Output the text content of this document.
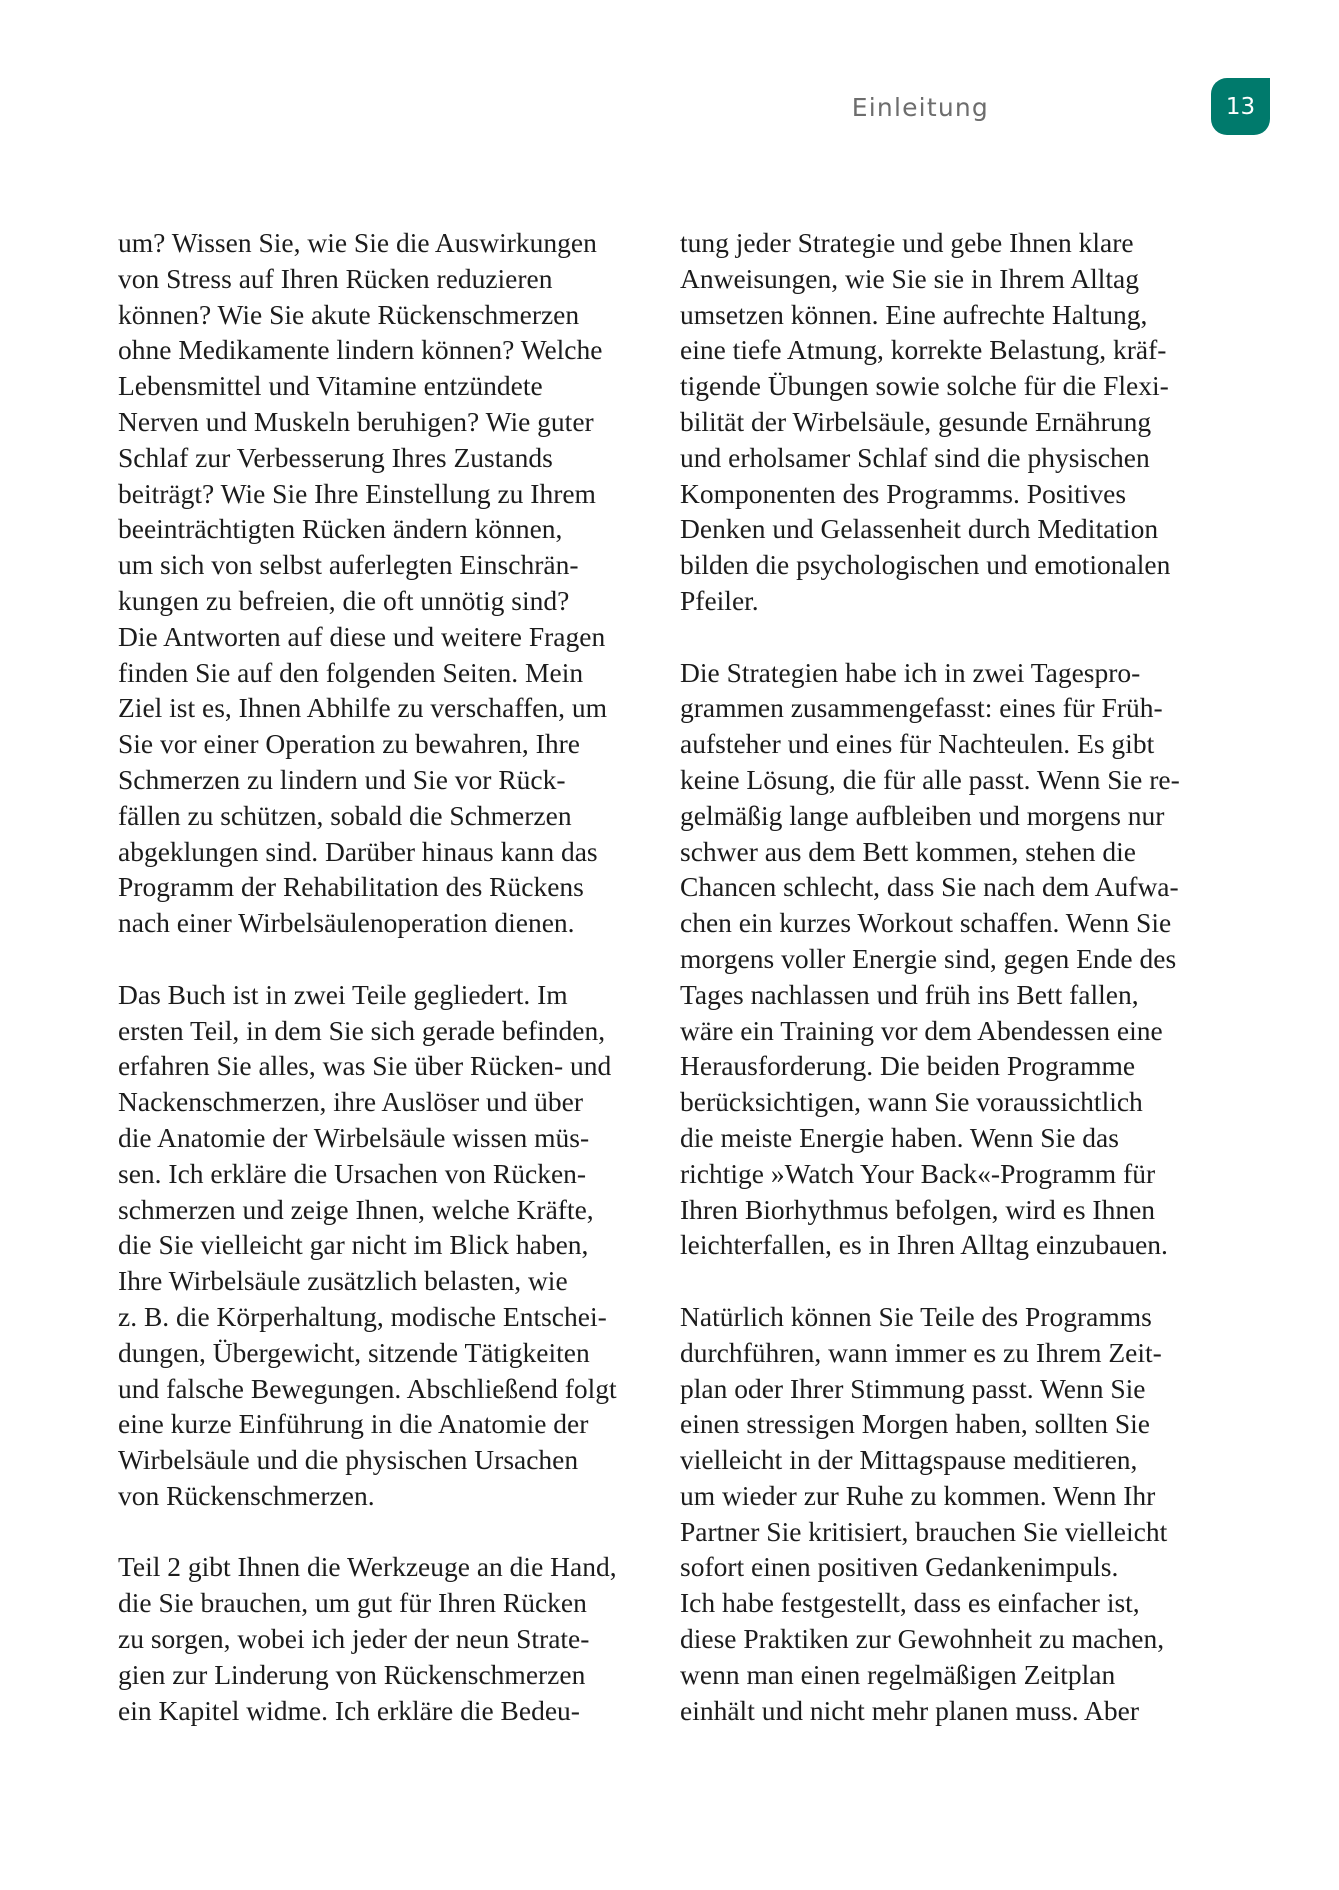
Einleitung	13
um? Wissen Sie, wie Sie die Auswirkungen
von Stress auf Ihren Rücken reduzieren
können? Wie Sie akute Rückenschmerzen
ohne Medikamente lindern können? Welche
Lebensmittel und Vitamine entzündete
Nerven und Muskeln beruhigen? Wie guter
Schlaf zur Verbesserung Ihres Zustands
beiträgt? Wie Sie Ihre Einstellung zu Ihrem
beeinträchtigten Rücken ändern können,
um sich von selbst auferlegten Einschrän-
kungen zu befreien, die oft unnötig sind?
Die Antworten auf diese und weitere Fragen
finden Sie auf den folgenden Seiten. Mein
Ziel ist es, Ihnen Abhilfe zu verschaffen, um
Sie vor einer Operation zu bewahren, Ihre
Schmerzen zu lindern und Sie vor Rück-
fällen zu schützen, sobald die Schmerzen
abgeklungen sind. Darüber hinaus kann das
Programm der Rehabilitation des Rückens
nach einer Wirbelsäulenoperation dienen.
Das Buch ist in zwei Teile gegliedert. Im
ersten Teil, in dem Sie sich gerade befinden,
erfahren Sie alles, was Sie über Rücken- und
Nackenschmerzen, ihre Auslöser und über
die Anatomie der Wirbelsäule wissen müs-
sen. Ich erkläre die Ursachen von Rücken-
schmerzen und zeige Ihnen, welche Kräfte,
die Sie vielleicht gar nicht im Blick haben,
Ihre Wirbelsäule zusätzlich belasten, wie
z. B. die Körperhaltung, modische Entschei-
dungen, Übergewicht, sitzende Tätigkeiten
und falsche Bewegungen. Abschließend folgt
eine kurze Einführung in die Anatomie der
Wirbelsäule und die physischen Ursachen
von Rückenschmerzen.
Teil 2 gibt Ihnen die Werkzeuge an die Hand,
die Sie brauchen, um gut für Ihren Rücken
zu sorgen, wobei ich jeder der neun Strate-
gien zur Linderung von Rückenschmerzen
ein Kapitel widme. Ich erkläre die Bedeu-
tung jeder Strategie und gebe Ihnen klare
Anweisungen, wie Sie sie in Ihrem Alltag
umsetzen können. Eine aufrechte Haltung,
eine tiefe Atmung, korrekte Belastung, kräf-
tigende Übungen sowie solche für die Flexi-
bilität der Wirbelsäule, gesunde Ernährung
und erholsamer Schlaf sind die physischen
Komponenten des Programms. Positives
Denken und Gelassenheit durch Meditation
bilden die psychologischen und emotionalen
Pfeiler.
Die Strategien habe ich in zwei Tagespro-
grammen zusammengefasst: eines für Früh-
aufsteher und eines für Nachteulen. Es gibt
keine Lösung, die für alle passt. Wenn Sie re-
gelmäßig lange aufbleiben und morgens nur
schwer aus dem Bett kommen, stehen die
Chancen schlecht, dass Sie nach dem Aufwa-
chen ein kurzes Workout schaffen. Wenn Sie
morgens voller Energie sind, gegen Ende des
Tages nachlassen und früh ins Bett fallen,
wäre ein Training vor dem Abendessen eine
Herausforderung. Die beiden Programme
berücksichtigen, wann Sie voraussichtlich
die meiste Energie haben. Wenn Sie das
richtige »Watch Your Back«-Programm für
Ihren Biorhythmus befolgen, wird es Ihnen
leichterfallen, es in Ihren Alltag einzubauen.
Natürlich können Sie Teile des Programms
durchführen, wann immer es zu Ihrem Zeit-
plan oder Ihrer Stimmung passt. Wenn Sie
einen stressigen Morgen haben, sollten Sie
vielleicht in der Mittagspause meditieren,
um wieder zur Ruhe zu kommen. Wenn Ihr
Partner Sie kritisiert, brauchen Sie vielleicht
sofort einen positiven Gedankenimpuls.
Ich habe festgestellt, dass es einfacher ist,
diese Praktiken zur Gewohnheit zu machen,
wenn man einen regelmäßigen Zeitplan
einhält und nicht mehr planen muss. Aber
